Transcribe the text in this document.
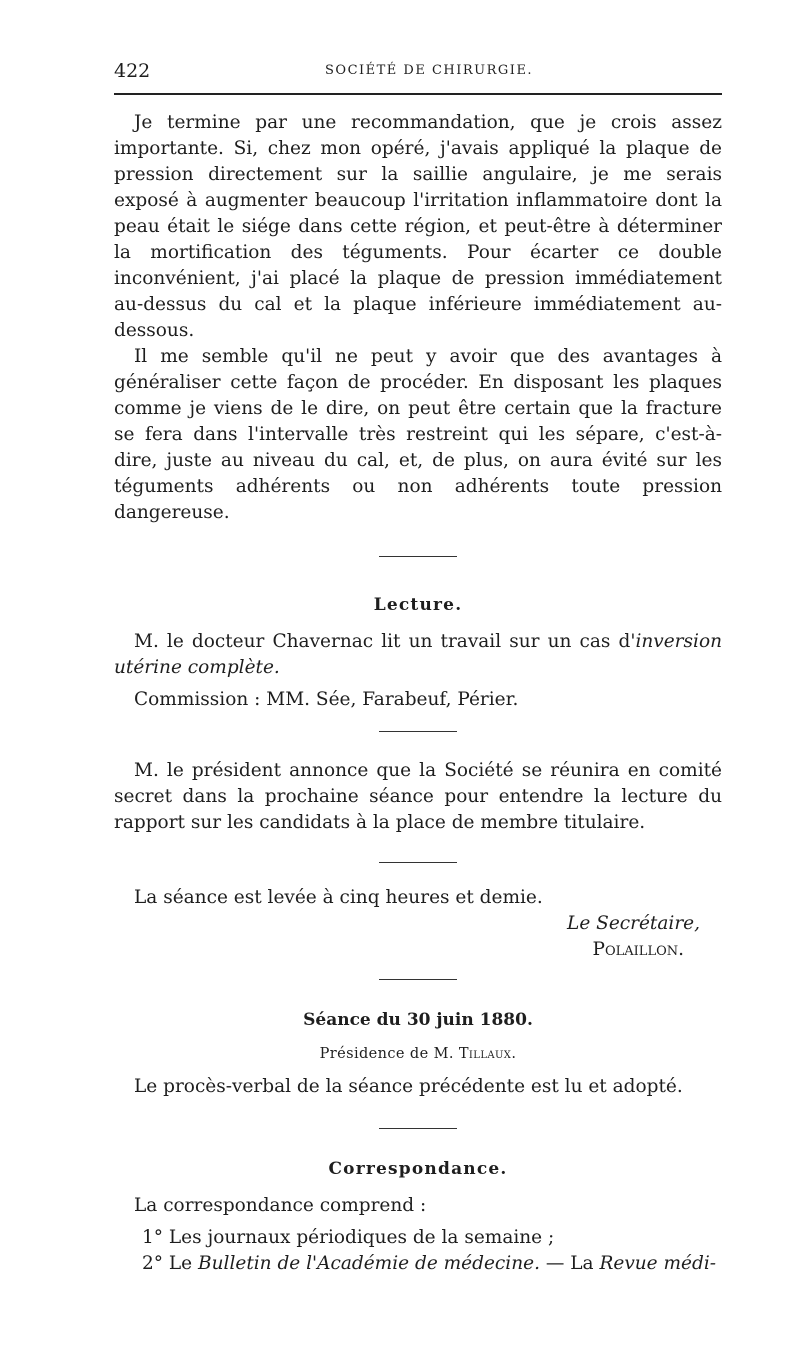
422	SOCIÉTÉ DE CHIRURGIE.

Je termine par une recommandation, que je crois assez importante. Si, chez mon opéré, j'avais appliqué la plaque de pression directement sur la saillie angulaire, je me serais exposé à augmenter beaucoup l'irritation inflammatoire dont la peau était le siége dans cette région, et peut-être à déterminer la mortification des téguments. Pour écarter ce double inconvénient, j'ai placé la plaque de pression immédiatement au-dessus du cal et la plaque inférieure immédiatement au-dessous.

Il me semble qu'il ne peut y avoir que des avantages à généraliser cette façon de procéder. En disposant les plaques comme je viens de le dire, on peut être certain que la fracture se fera dans l'intervalle très restreint qui les sépare, c'est-à-dire, juste au niveau du cal, et, de plus, on aura évité sur les téguments adhérents ou non adhérents toute pression dangereuse.

Lecture.

M. le docteur Chavernac lit un travail sur un cas d'inversion utérine complète.

Commission : MM. Sée, Farabeuf, Périer.

M. le président annonce que la Société se réunira en comité secret dans la prochaine séance pour entendre la lecture du rapport sur les candidats à la place de membre titulaire.

La séance est levée à cinq heures et demie.

Le Secrétaire,
Polaillon.
Séance du 30 juin 1880.
Présidence de M. Tillaux.

Le procès-verbal de la séance précédente est lu et adopté.

Correspondance.

La correspondance comprend :

1° Les journaux périodiques de la semaine ;

2° Le Bulletin de l'Académie de médecine. — La Revue médi-
